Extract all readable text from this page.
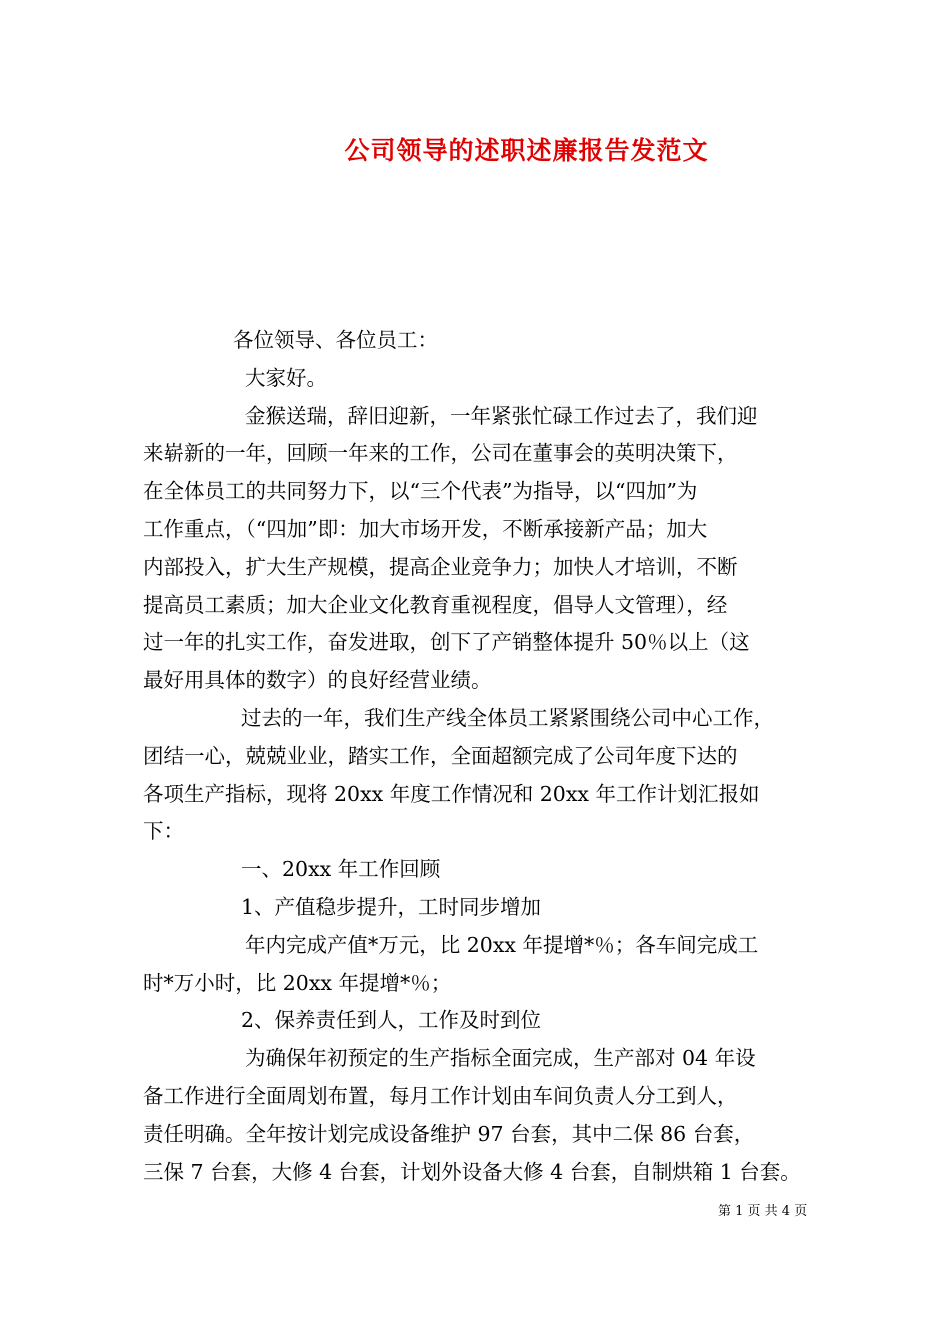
公司领导的述职述廉报告发范文

各位领导、各位员工：

大家好。

金猴送瑞，辞旧迎新，一年紧张忙碌工作过去了，我们迎

来崭新的一年，回顾一年来的工作，公司在董事会的英明决策下，

在全体员工的共同努力下，以“三个代表”为指导，以“四加”为

工作重点，（“四加”即：加大市场开发，不断承接新产品；加大

内部投入，扩大生产规模，提高企业竞争力；加快人才培训，不断

提高员工素质；加大企业文化教育重视程度，倡导人文管理），经

过一年的扎实工作，奋发进取，创下了产销整体提升 50％以上（这

最好用具体的数字）的良好经营业绩。

过去的一年，我们生产线全体员工紧紧围绕公司中心工作，

团结一心，兢兢业业，踏实工作，全面超额完成了公司年度下达的

各项生产指标，现将 20xx 年度工作情况和 20xx 年工作计划汇报如

下：

一、20xx 年工作回顾

1、产值稳步提升，工时同步增加

年内完成产值*万元，比 20xx 年提增*％；各车间完成工

时*万小时，比 20xx 年提增*％；

2、保养责任到人，工作及时到位

为确保年初预定的生产指标全面完成，生产部对 04 年设

备工作进行全面周划布置，每月工作计划由车间负责人分工到人，

责任明确。全年按计划完成设备维护 97 台套，其中二保 86 台套，

三保 7 台套，大修 4 台套，计划外设备大修 4 台套，自制烘箱 1 台套。

第 1 页 共 4 页
